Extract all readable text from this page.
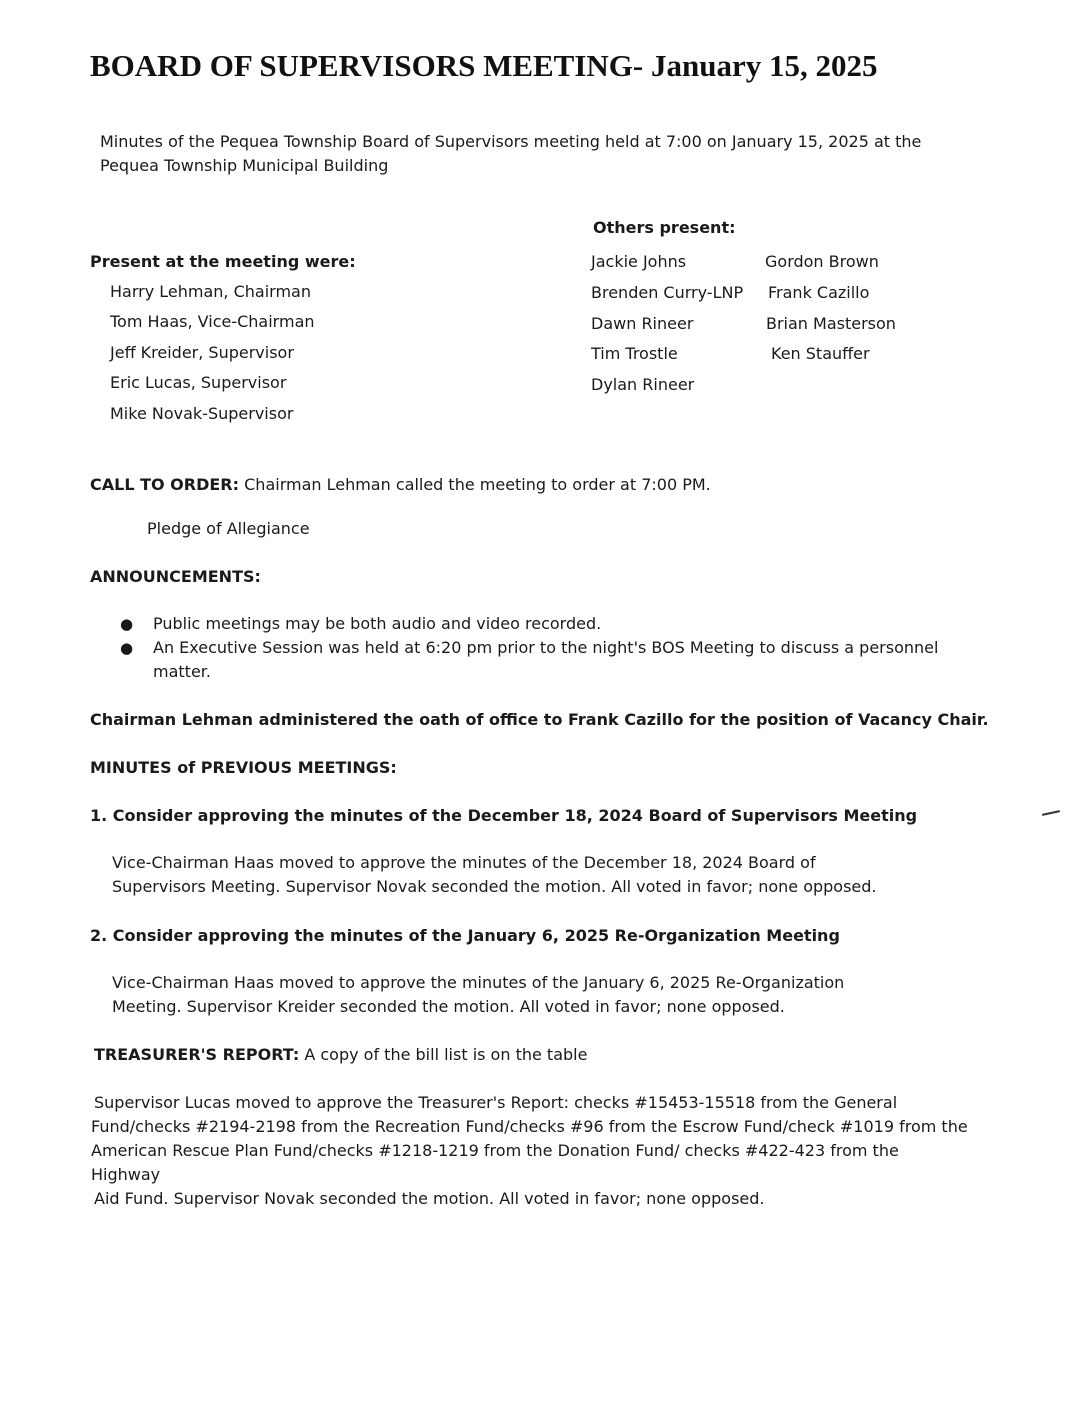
BOARD OF SUPERVISORS MEETING- January 15, 2025
Minutes of the Pequea Township Board of Supervisors meeting held at 7:00 on January 15, 2025 at the Pequea Township Municipal Building
Present at the meeting were:
Harry Lehman, Chairman
Tom Haas, Vice-Chairman
Jeff Kreider, Supervisor
Eric Lucas, Supervisor
Mike Novak-Supervisor
Others present:
Jackie Johns
Brenden Curry-LNP
Dawn Rineer
Tim Trostle
Dylan Rineer
Gordon Brown
Frank Cazillo
Brian Masterson
Ken Stauffer
CALL TO ORDER: Chairman Lehman called the meeting to order at 7:00 PM.
Pledge of Allegiance
ANNOUNCEMENTS:
● Public meetings may be both audio and video recorded.
● An Executive Session was held at 6:20 pm prior to the night's BOS Meeting to discuss a personnel matter.
Chairman Lehman administered the oath of office to Frank Cazillo for the position of Vacancy Chair.
MINUTES of PREVIOUS MEETINGS:
1. Consider approving the minutes of the December 18, 2024 Board of Supervisors Meeting
Vice-Chairman Haas moved to approve the minutes of the December 18, 2024 Board of Supervisors Meeting. Supervisor Novak seconded the motion. All voted in favor; none opposed.
2. Consider approving the minutes of the January 6, 2025 Re-Organization Meeting
Vice-Chairman Haas moved to approve the minutes of the January 6, 2025 Re-Organization Meeting. Supervisor Kreider seconded the motion. All voted in favor; none opposed.
TREASURER'S REPORT: A copy of the bill list is on the table
Supervisor Lucas moved to approve the Treasurer's Report: checks #15453-15518 from the General
Fund/checks #2194-2198 from the Recreation Fund/checks #96 from the Escrow Fund/check #1019 from the
American Rescue Plan Fund/checks #1218-1219 from the Donation Fund/ checks #422-423 from the
Highway
Aid Fund. Supervisor Novak seconded the motion. All voted in favor; none opposed.
